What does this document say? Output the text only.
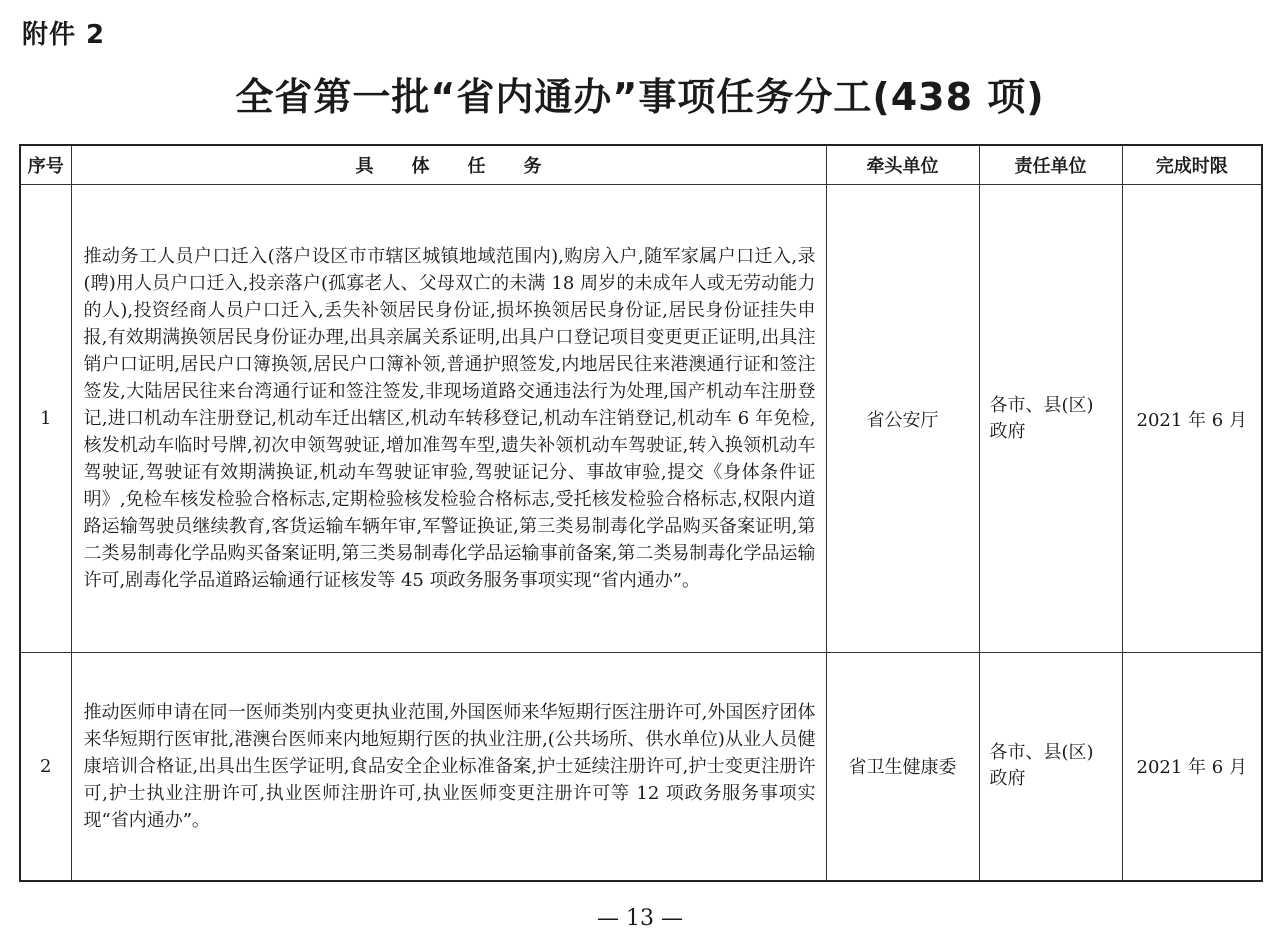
附件 2
全省第一批“省内通办”事项任务分工(438 项)
序号	具体任务	牵头单位	责任单位	完成时限
1	推动务工人员户口迁入(落户设区市市辖区城镇地域范围内),购房入户,随军家属户口迁入,录(聘)用人员户口迁入,投亲落户(孤寡老人、父母双亡的未满 18 周岁的未成年人或无劳动能力的人),投资经商人员户口迁入,丢失补领居民身份证,损坏换领居民身份证,居民身份证挂失申报,有效期满换领居民身份证办理,出具亲属关系证明,出具户口登记项目变更更正证明,出具注销户口证明,居民户口簿换领,居民户口簿补领,普通护照签发,内地居民往来港澳通行证和签注签发,大陆居民往来台湾通行证和签注签发,非现场道路交通违法行为处理,国产机动车注册登记,进口机动车注册登记,机动车迁出辖区,机动车转移登记,机动车注销登记,机动车 6 年免检,核发机动车临时号牌,初次申领驾驶证,增加准驾车型,遗失补领机动车驾驶证,转入换领机动车驾驶证,驾驶证有效期满换证,机动车驾驶证审验,驾驶证记分、事故审验,提交《身体条件证明》,免检车核发检验合格标志,定期检验核发检验合格标志,受托核发检验合格标志,权限内道路运输驾驶员继续教育,客货运输车辆年审,军警证换证,第三类易制毒化学品购买备案证明,第二类易制毒化学品购买备案证明,第三类易制毒化学品运输事前备案,第二类易制毒化学品运输许可,剧毒化学品道路运输通行证核发等 45 项政务服务事项实现“省内通办”。	省公安厅	各市、县(区)政府	2021 年 6 月
2	推动医师申请在同一医师类别内变更执业范围,外国医师来华短期行医注册许可,外国医疗团体来华短期行医审批,港澳台医师来内地短期行医的执业注册,(公共场所、供水单位)从业人员健康培训合格证,出具出生医学证明,食品安全企业标准备案,护士延续注册许可,护士变更注册许可,护士执业注册许可,执业医师注册许可,执业医师变更注册许可等 12 项政务服务事项实现“省内通办”。	省卫生健康委	各市、县(区)政府	2021 年 6 月
— 13 —
